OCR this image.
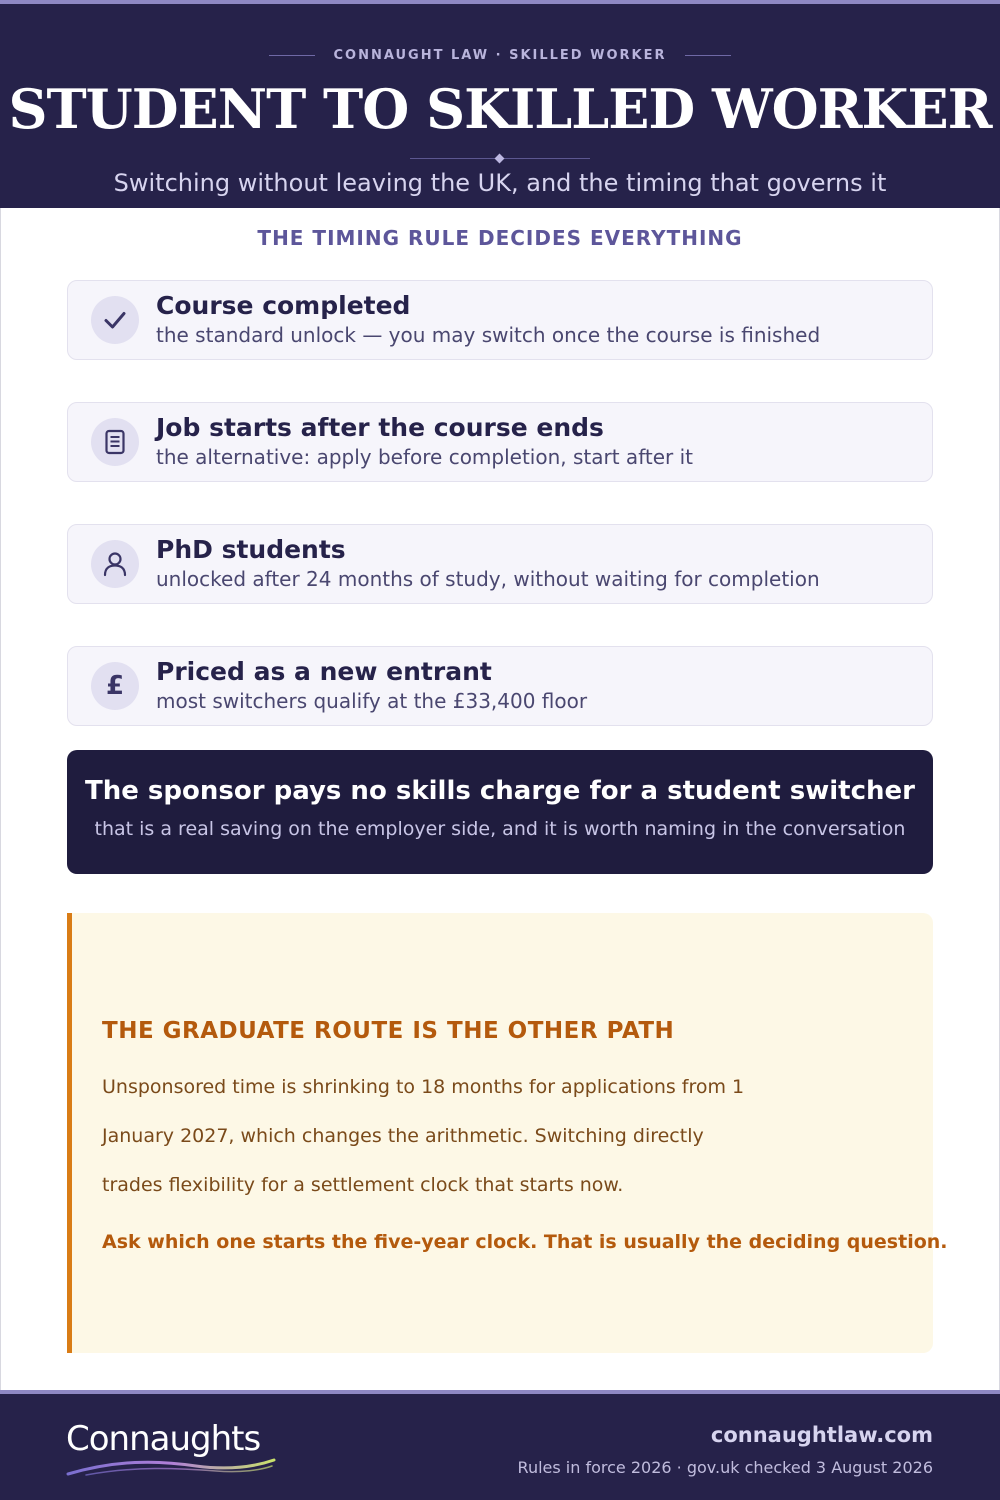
CONNAUGHT LAW · SKILLED WORKER
STUDENT TO SKILLED WORKER
Switching without leaving the UK, and the timing that governs it
THE TIMING RULE DECIDES EVERYTHING
Course completed
the standard unlock — you may switch once the course is finished
Job starts after the course ends
the alternative: apply before completion, start after it
PhD students
unlocked after 24 months of study, without waiting for completion
£	Priced as a new entrant
most switchers qualify at the £33,400 floor
The sponsor pays no skills charge for a student switcher
that is a real saving on the employer side, and it is worth naming in the conversation
THE GRADUATE ROUTE IS THE OTHER PATH
Unsponsored time is shrinking to 18 months for applications from 1 January 2027, which changes the arithmetic. Switching directly trades flexibility for a settlement clock that starts now.
Ask which one starts the five-year clock. That is usually the deciding question.
Connaughts	connaughtlaw.com
Rules in force 2026 · gov.uk checked 3 August 2026
